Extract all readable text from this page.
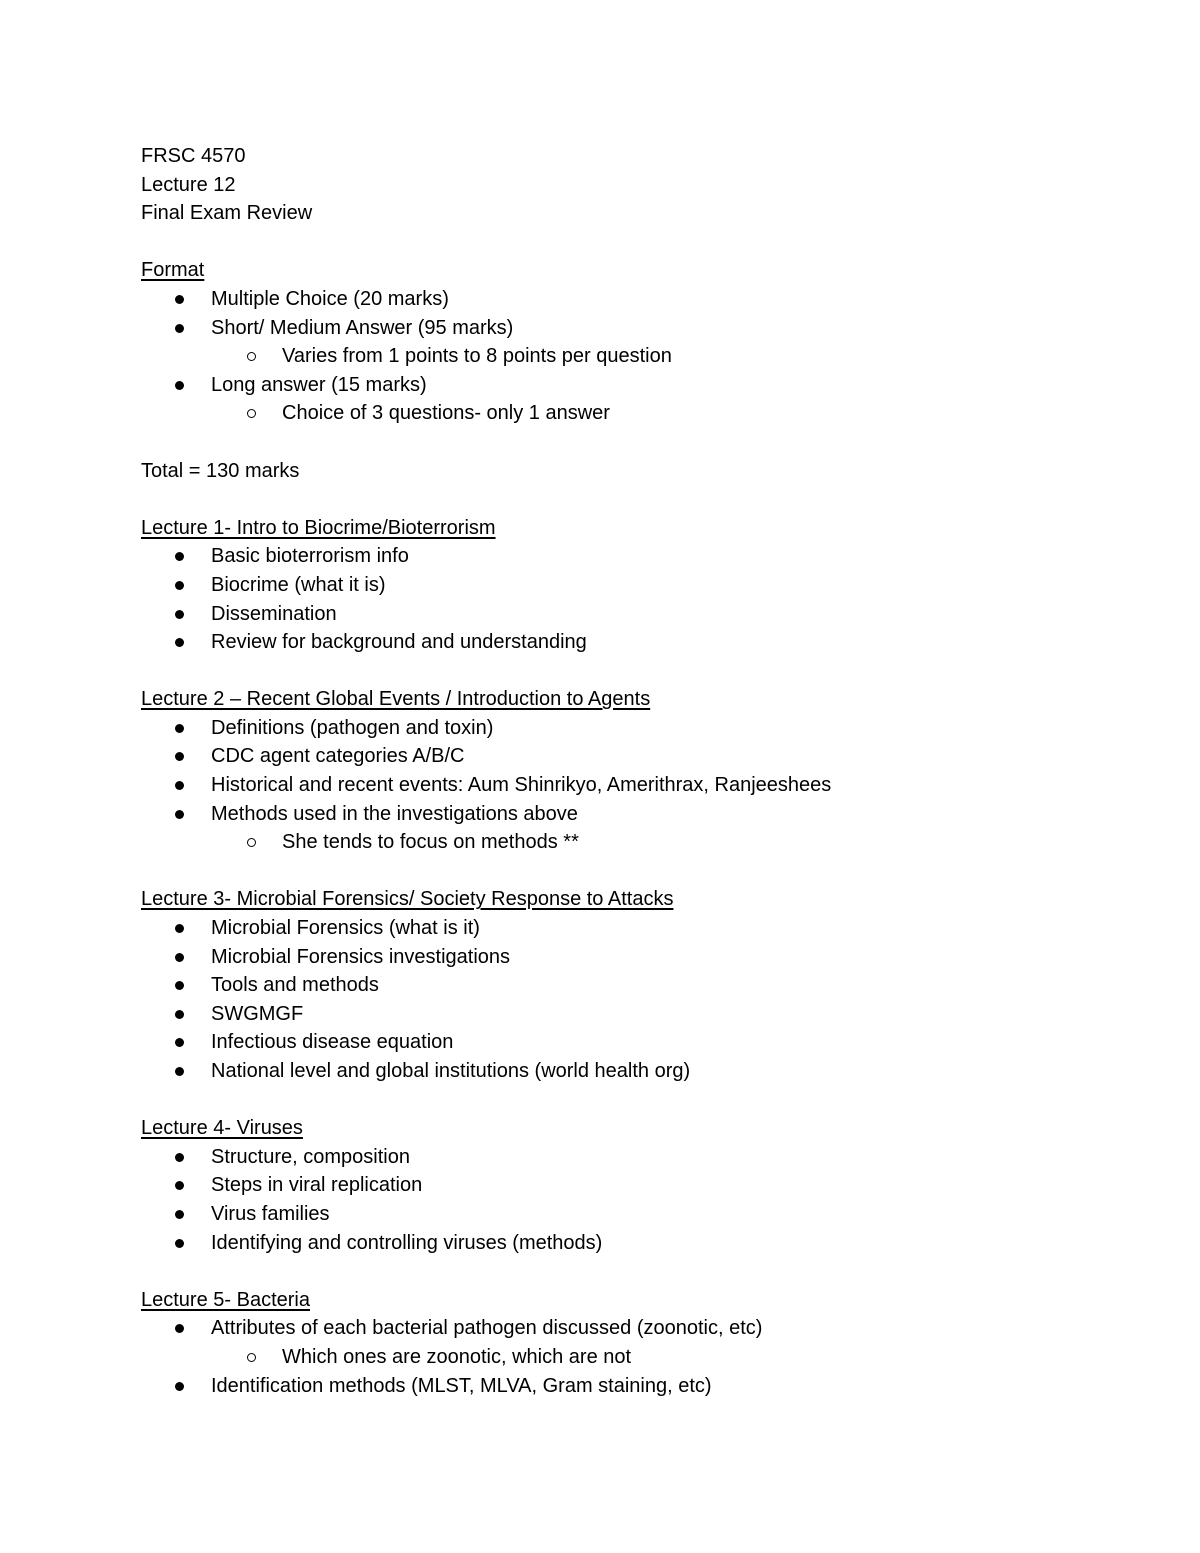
FRSC 4570
Lecture 12
Final Exam Review
Format
Multiple Choice (20 marks)
Short/ Medium Answer (95 marks)
Varies from 1 points to 8 points per question
Long answer (15 marks)
Choice of 3 questions- only 1 answer
Total = 130 marks
Lecture 1- Intro to Biocrime/Bioterrorism
Basic bioterrorism info
Biocrime (what it is)
Dissemination
Review for background and understanding
Lecture 2 – Recent Global Events / Introduction to Agents
Definitions (pathogen and toxin)
CDC agent categories A/B/C
Historical and recent events: Aum Shinrikyo, Amerithrax, Ranjeeshees
Methods used in the investigations above
She tends to focus on methods **
Lecture 3- Microbial Forensics/ Society Response to Attacks
Microbial Forensics (what is it)
Microbial Forensics investigations
Tools and methods
SWGMGF
Infectious disease equation
National level and global institutions (world health org)
Lecture 4- Viruses
Structure, composition
Steps in viral replication
Virus families
Identifying and controlling viruses (methods)
Lecture 5- Bacteria
Attributes of each bacterial pathogen discussed (zoonotic, etc)
Which ones are zoonotic, which are not
Identification methods (MLST, MLVA, Gram staining, etc)
